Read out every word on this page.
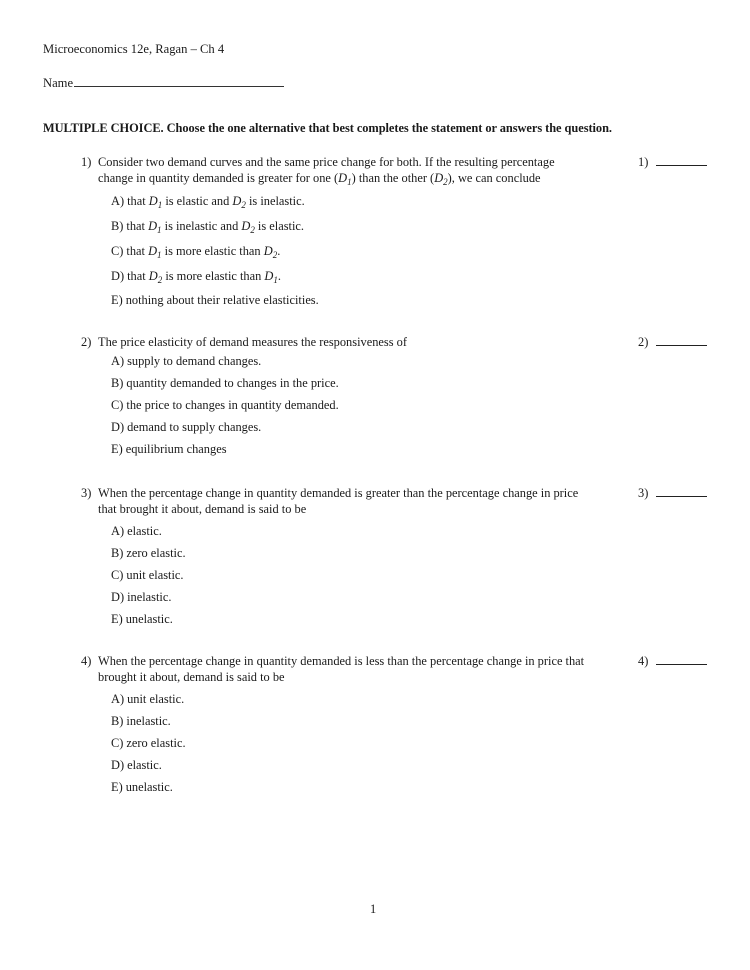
Microeconomics 12e, Ragan – Ch 4
Name
MULTIPLE CHOICE. Choose the one alternative that best completes the statement or answers the question.
1) Consider two demand curves and the same price change for both. If the resulting percentage
change in quantity demanded is greater for one $(D_1)$ than the other $(D_2)$, we can conclude
1)
A) that $D_1$ is elastic and $D_2$ is inelastic.
B) that $D_1$ is inelastic and $D_2$ is elastic.
C) that $D_1$ is more elastic than $D_2$.
D) that $D_2$ is more elastic than $D_1$.
E) nothing about their relative elasticities.
2) The price elasticity of demand measures the responsiveness of	2)
A) supply to demand changes.
B) quantity demanded to changes in the price.
C) the price to changes in quantity demanded.
D) demand to supply changes.
E) equilibrium changes
3) When the percentage change in quantity demanded is greater than the percentage change in price
that brought it about, demand is said to be
3)
A) elastic.
B) zero elastic.
C) unit elastic.
D) inelastic.
E) unelastic.
4) When the percentage change in quantity demanded is less than the percentage change in price that
brought it about, demand is said to be
4)
A) unit elastic.
B) inelastic.
C) zero elastic.
D) elastic.
E) unelastic.
1
